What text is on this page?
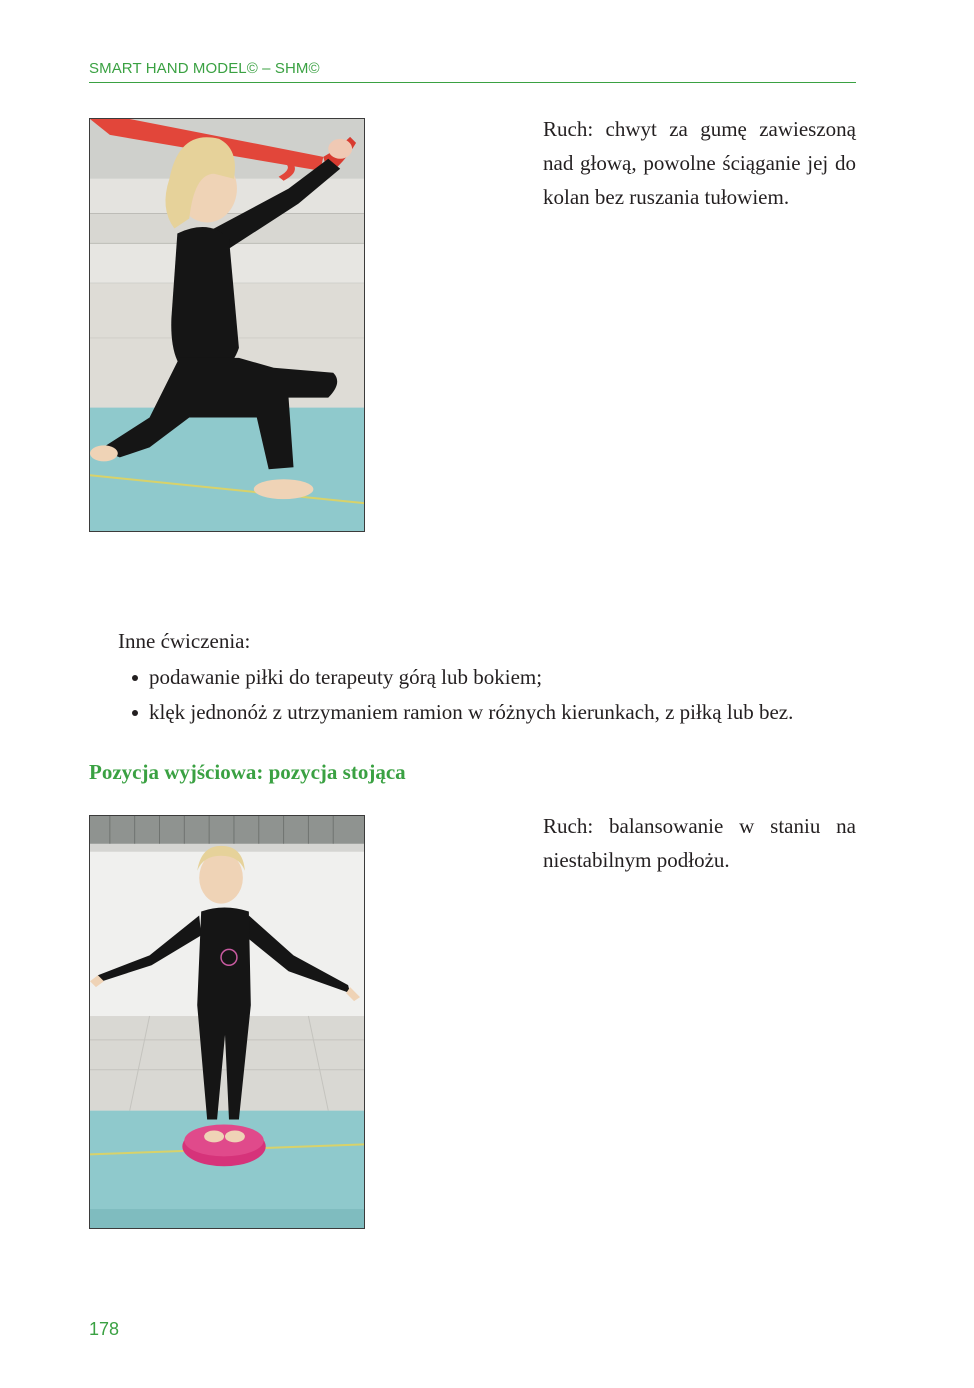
SMART HAND MODEL© – SHM©
Ruch: chwyt za gumę zawieszoną nad głową, powolne ściąganie jej do kolan bez ruszania tułowiem.
Inne ćwiczenia:
podawanie piłki do terapeuty górą lub bokiem;
klęk jednonóż z utrzymaniem ramion w różnych kierunkach, z piłką lub bez.
Pozycja wyjściowa: pozycja stojąca
Ruch: balansowanie w staniu na niestabilnym podłożu.
178
